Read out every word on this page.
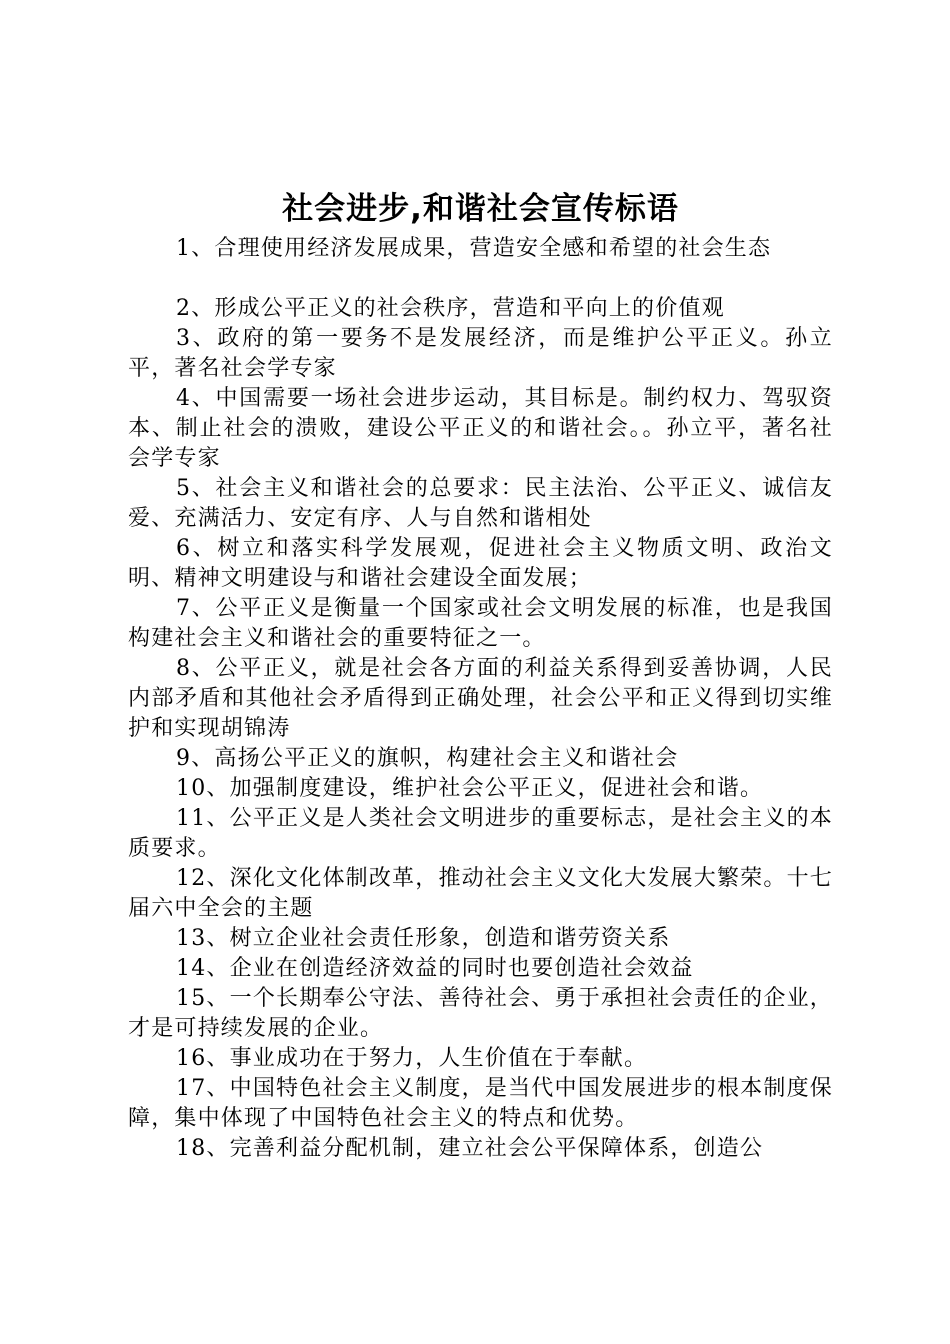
社会进步,和谐社会宣传标语

1、合理使用经济发展成果，营造安全感和希望的社会生态

2、形成公平正义的社会秩序，营造和平向上的价值观

3、政府的第一要务不是发展经济，而是维护公平正义。孙立平，著名社会学专家

4、中国需要一场社会进步运动，其目标是。制约权力、驾驭资本、制止社会的溃败，建设公平正义的和谐社会。。孙立平，著名社会学专家

5、社会主义和谐社会的总要求：民主法治、公平正义、诚信友爱、充满活力、安定有序、人与自然和谐相处

6、树立和落实科学发展观，促进社会主义物质文明、政治文明、精神文明建设与和谐社会建设全面发展；

7、公平正义是衡量一个国家或社会文明发展的标准，也是我国构建社会主义和谐社会的重要特征之一。

8、公平正义，就是社会各方面的利益关系得到妥善协调，人民内部矛盾和其他社会矛盾得到正确处理，社会公平和正义得到切实维护和实现胡锦涛

9、高扬公平正义的旗帜，构建社会主义和谐社会

10、加强制度建设，维护社会公平正义，促进社会和谐。

11、公平正义是人类社会文明进步的重要标志，是社会主义的本质要求。

12、深化文化体制改革，推动社会主义文化大发展大繁荣。十七届六中全会的主题

13、树立企业社会责任形象，创造和谐劳资关系

14、企业在创造经济效益的同时也要创造社会效益

15、一个长期奉公守法、善待社会、勇于承担社会责任的企业，才是可持续发展的企业。

16、事业成功在于努力，人生价值在于奉献。

17、中国特色社会主义制度，是当代中国发展进步的根本制度保障，集中体现了中国特色社会主义的特点和优势。

18、完善利益分配机制，建立社会公平保障体系，创造公
